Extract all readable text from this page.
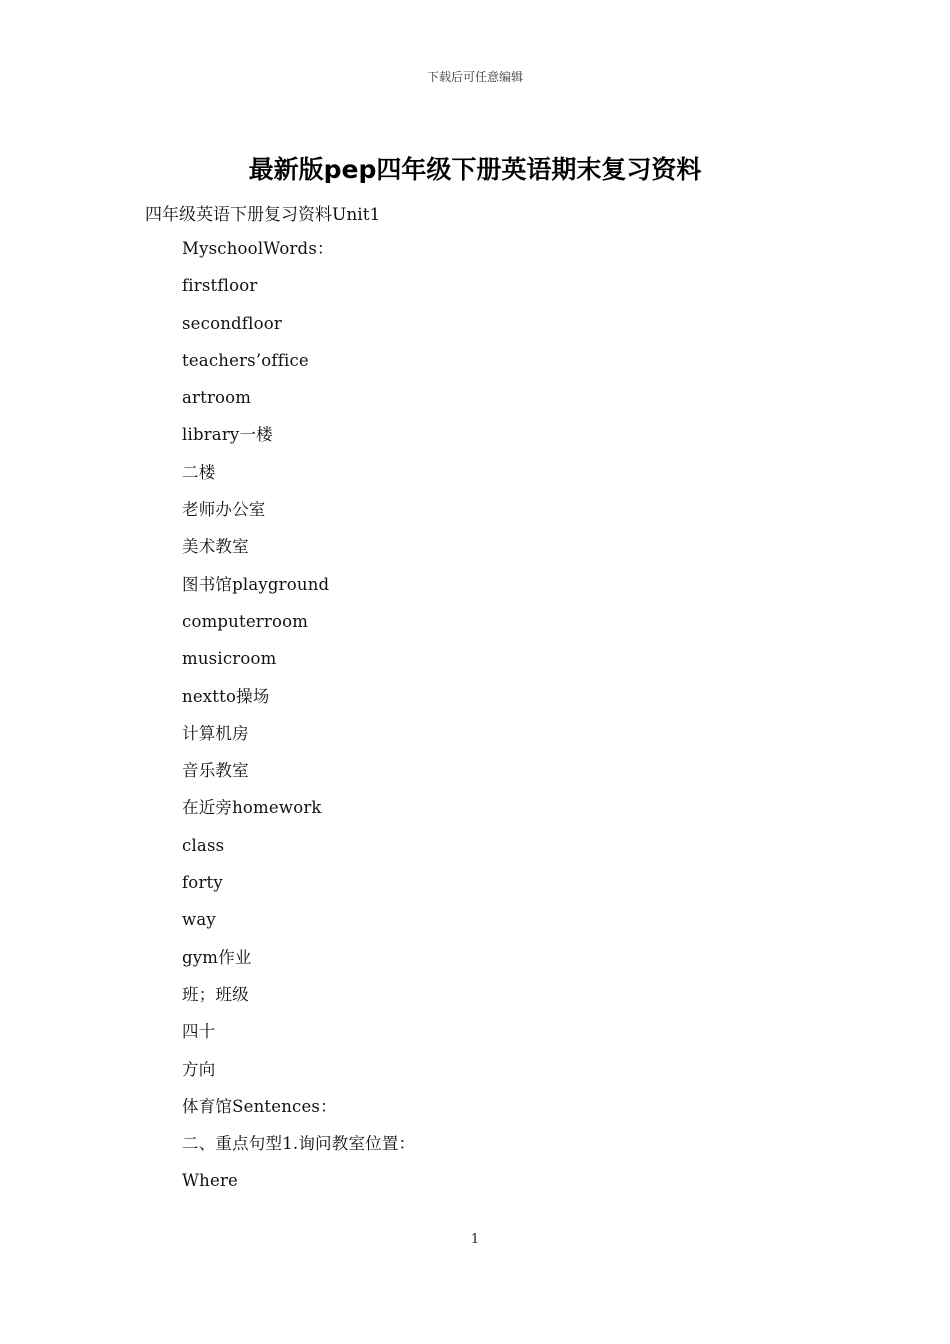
下载后可任意编辑
最新版pep四年级下册英语期末复习资料
四年级英语下册复习资料Unit1
MyschoolWords：
firstfloor
secondfloor
teachers’office
artroom
library一楼
二楼
老师办公室
美术教室
图书馆playground
computerroom
musicroom
nextto操场
计算机房
音乐教室
在近旁homework
class
forty
way
gym作业
班；班级
四十
方向
体育馆Sentences：
二、重点句型1.询问教室位置：
Where
1
